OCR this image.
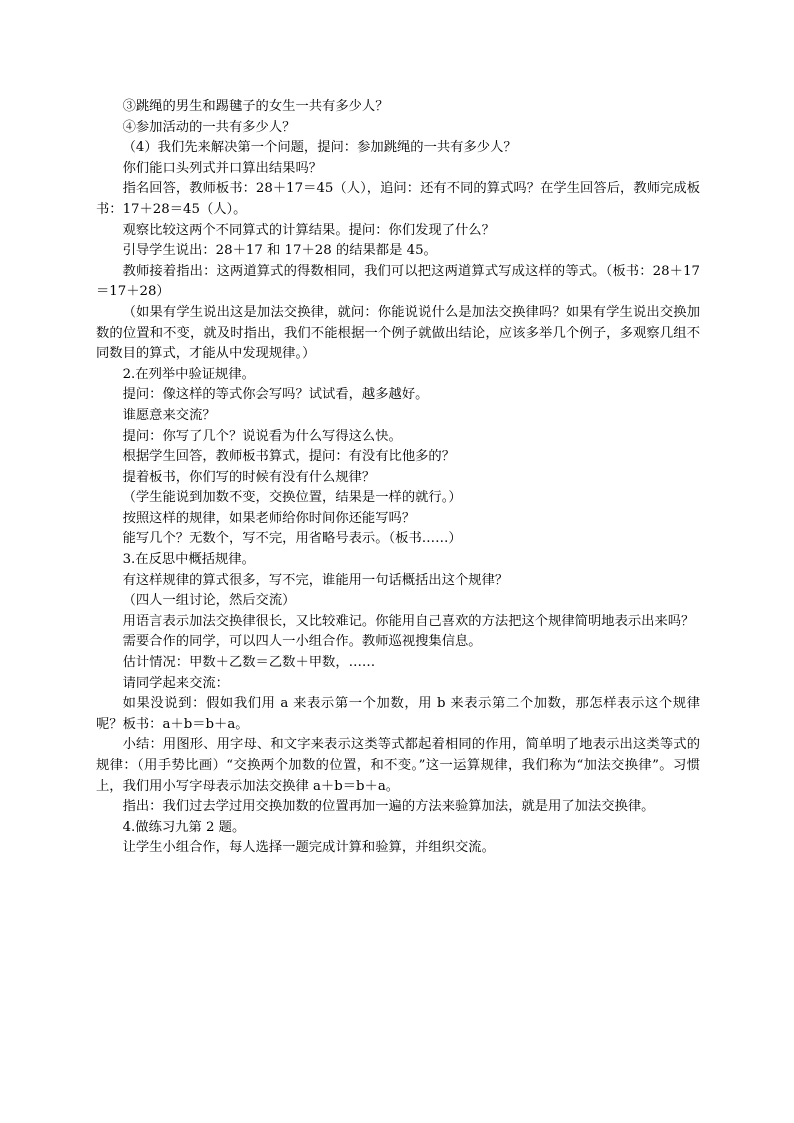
③跳绳的男生和踢毽子的女生一共有多少人？

④参加活动的一共有多少人？

（4）我们先来解决第一个问题，提问：参加跳绳的一共有多少人？

你们能口头列式并口算出结果吗？

指名回答，教师板书：28＋17＝45（人），追问：还有不同的算式吗？在学生回答后，教师完成板书：17＋28＝45（人）。

观察比较这两个不同算式的计算结果。提问：你们发现了什么？

引导学生说出：28＋17 和 17＋28 的结果都是 45。

教师接着指出：这两道算式的得数相同，我们可以把这两道算式写成这样的等式。（板书：28＋17＝17＋28）

（如果有学生说出这是加法交换律，就问：你能说说什么是加法交换律吗？如果有学生说出交换加数的位置和不变，就及时指出，我们不能根据一个例子就做出结论，应该多举几个例子，多观察几组不同数目的算式，才能从中发现规律。）

2.在列举中验证规律。

提问：像这样的等式你会写吗？试试看，越多越好。

谁愿意来交流？

提问：你写了几个？说说看为什么写得这么快。

根据学生回答，教师板书算式，提问：有没有比他多的？

提着板书，你们写的时候有没有什么规律？

（学生能说到加数不变，交换位置，结果是一样的就行。）

按照这样的规律，如果老师给你时间你还能写吗？

能写几个？无数个，写不完，用省略号表示。（板书……）

3.在反思中概括规律。

有这样规律的算式很多，写不完，谁能用一句话概括出这个规律？

（四人一组讨论，然后交流）

用语言表示加法交换律很长，又比较难记。你能用自己喜欢的方法把这个规律简明地表示出来吗？

需要合作的同学，可以四人一小组合作。教师巡视搜集信息。

估计情况：甲数＋乙数＝乙数＋甲数，……

请同学起来交流：

如果没说到：假如我们用 a 来表示第一个加数，用 b 来表示第二个加数，那怎样表示这个规律呢？板书：a＋b＝b＋a。

小结：用图形、用字母、和文字来表示这类等式都起着相同的作用，简单明了地表示出这类等式的规律：（用手势比画）“交换两个加数的位置，和不变。”这一运算规律，我们称为“加法交换律”。习惯上，我们用小写字母表示加法交换律 a＋b＝b＋a。

指出：我们过去学过用交换加数的位置再加一遍的方法来验算加法，就是用了加法交换律。

4.做练习九第 2 题。

让学生小组合作，每人选择一题完成计算和验算，并组织交流。
